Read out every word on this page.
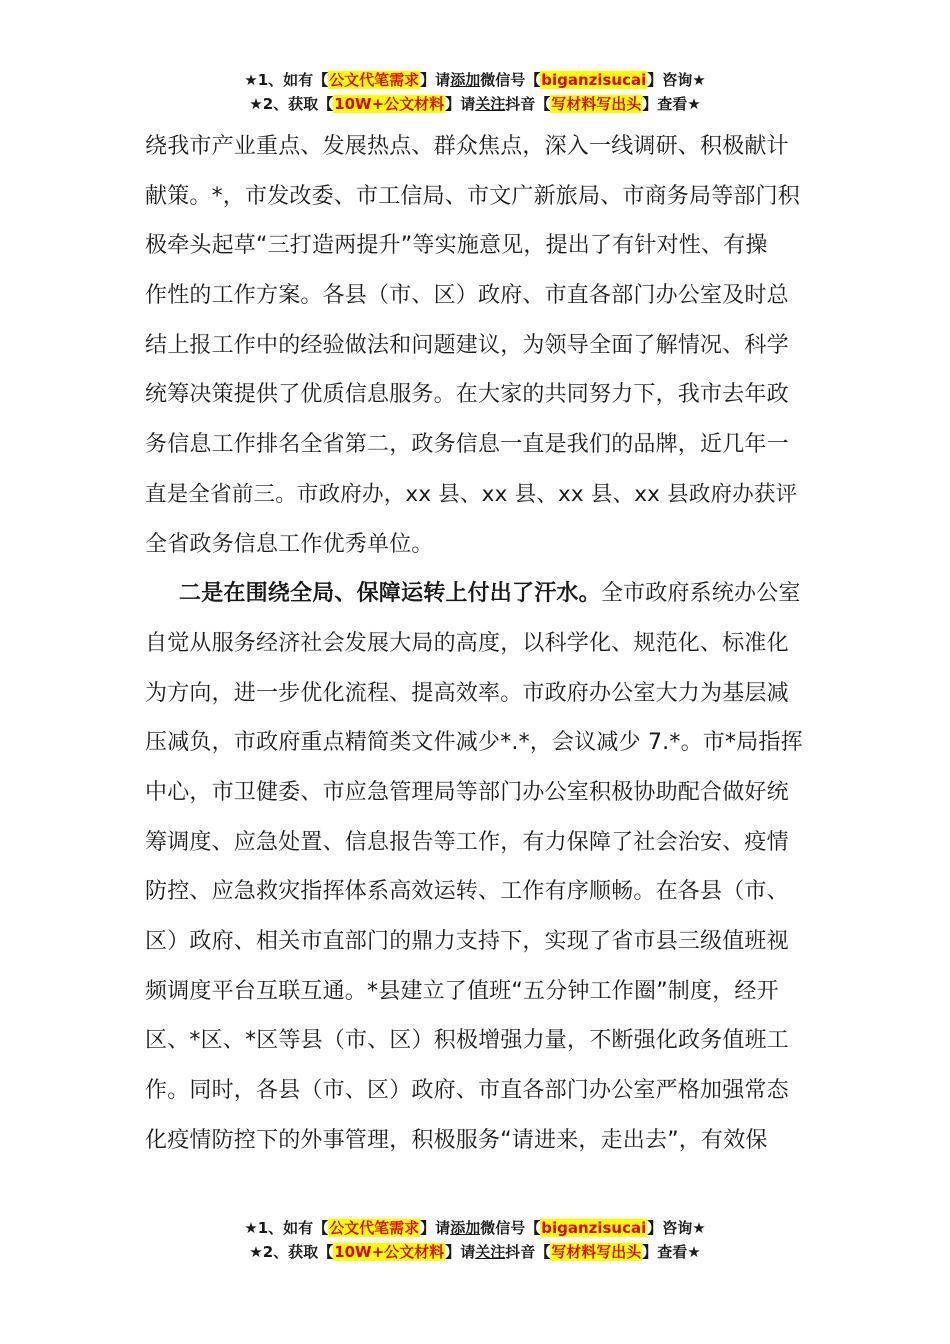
★1、如有【公文代笔需求】请添加微信号【biganzisucai】咨询★
★2、获取【10W+公文材料】请关注抖音【写材料写出头】查看★
绕我市产业重点、发展热点、群众焦点，深入一线调研、积极献计
献策。*，市发改委、市工信局、市文广新旅局、市商务局等部门积
极牵头起草“三打造两提升”等实施意见，提出了有针对性、有操
作性的工作方案。各县（市、区）政府、市直各部门办公室及时总
结上报工作中的经验做法和问题建议，为领导全面了解情况、科学
统筹决策提供了优质信息服务。在大家的共同努力下，我市去年政
务信息工作排名全省第二，政务信息一直是我们的品牌，近几年一
直是全省前三。市政府办，xx 县、xx 县、xx 县、xx 县政府办获评
全省政务信息工作优秀单位。
二是在围绕全局、保障运转上付出了汗水。全市政府系统办公室
自觉从服务经济社会发展大局的高度，以科学化、规范化、标准化
为方向，进一步优化流程、提高效率。市政府办公室大力为基层减
压减负，市政府重点精简类文件减少*.*，会议减少 7.*。市*局指挥
中心，市卫健委、市应急管理局等部门办公室积极协助配合做好统
筹调度、应急处置、信息报告等工作，有力保障了社会治安、疫情
防控、应急救灾指挥体系高效运转、工作有序顺畅。在各县（市、
区）政府、相关市直部门的鼎力支持下，实现了省市县三级值班视
频调度平台互联互通。*县建立了值班“五分钟工作圈”制度，经开
区、*区、*区等县（市、区）积极增强力量，不断强化政务值班工
作。同时，各县（市、区）政府、市直各部门办公室严格加强常态
化疫情防控下的外事管理，积极服务“请进来，走出去”，有效保
★1、如有【公文代笔需求】请添加微信号【biganzisucai】咨询★
★2、获取【10W+公文材料】请关注抖音【写材料写出头】查看★
